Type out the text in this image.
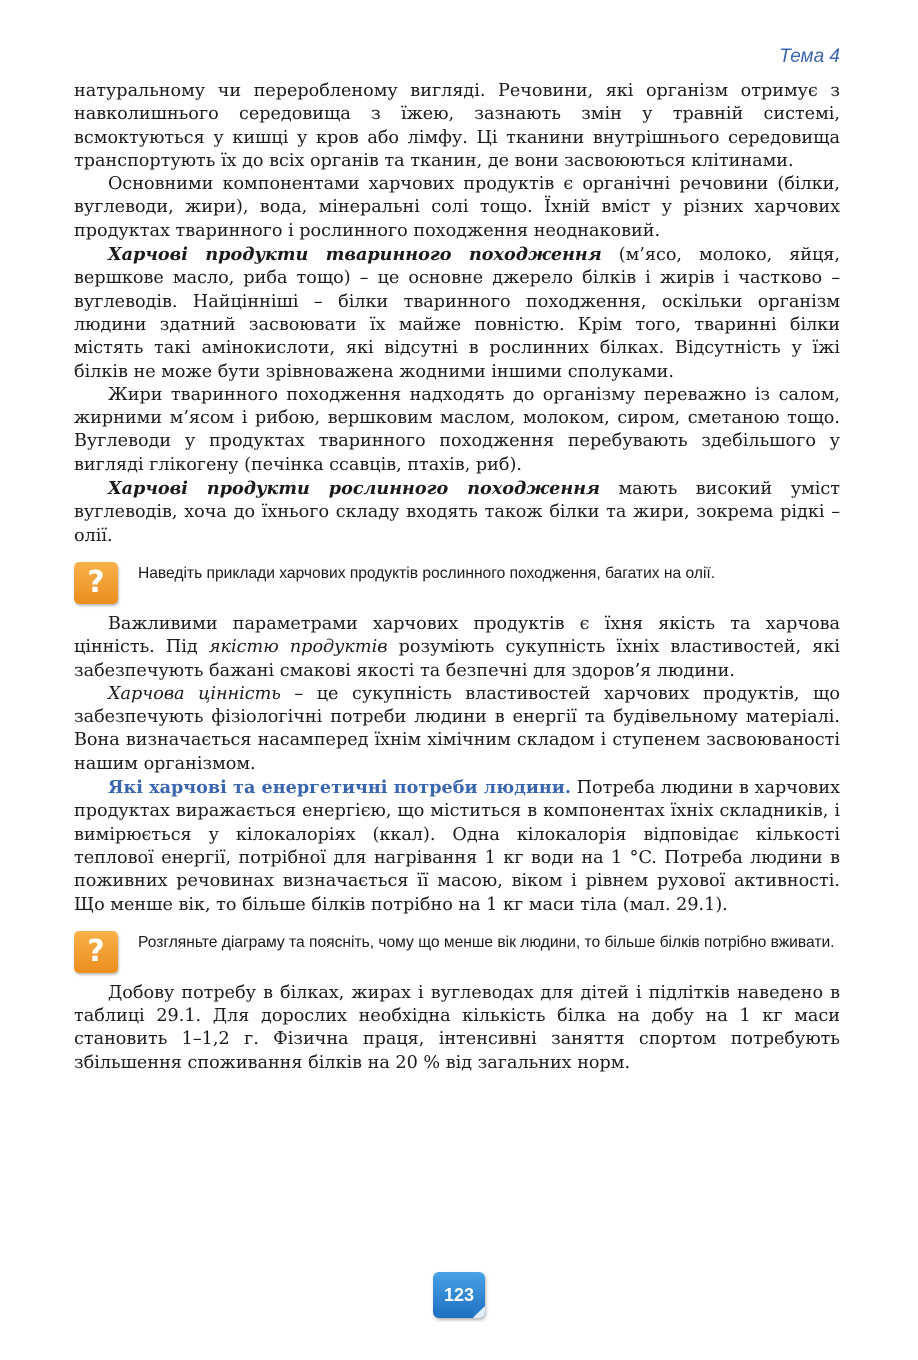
Тема 4

натуральному чи переробленому вигляді. Речовини, які організм отримує з навколишнього середовища з їжею, зазнають змін у травній системі, всмоктуються у кишці у кров або лімфу. Ці тканини внутрішнього середовища транспортують їх до всіх органів та тканин, де вони засвоюються клітинами.

Основними компонентами харчових продуктів є органічні речовини (білки, вуглеводи, жири), вода, мінеральні солі тощо. Їхній вміст у різних харчових продуктах тваринного і рослинного походження неоднаковий.

Харчові продукти тваринного походження (м’ясо, молоко, яйця, вершкове масло, риба тощо) – це основне джерело білків і жирів і частково – вуглеводів. Найцінніші – білки тваринного походження, оскільки організм людини здатний засвоювати їх майже повністю. Крім того, тваринні білки містять такі амінокислоти, які відсутні в рослинних білках. Відсутність у їжі білків не може бути зрівноважена жодними іншими сполуками.

Жири тваринного походження надходять до організму переважно із салом, жирними м’ясом і рибою, вершковим маслом, молоком, сиром, сметаною тощо. Вуглеводи у продуктах тваринного походження перебувають здебільшого у вигляді глікогену (печінка ссавців, птахів, риб).

Харчові продукти рослинного походження мають високий уміст вуглеводів, хоча до їхнього складу входять також білки та жири, зокрема рідкі – олії.

?	Наведіть приклади харчових продуктів рослинного походження, багатих на олії.

Важливими параметрами харчових продуктів є їхня якість та харчова цінність. Під якістю продуктів розуміють сукупність їхніх властивостей, які забезпечують бажані смакові якості та безпечні для здоров’я людини.

Харчова цінність – це сукупність властивостей харчових продуктів, що забезпечують фізіологічні потреби людини в енергії та будівельному матеріалі. Вона визначається насамперед їхнім хімічним складом і ступенем засвоюваності нашим організмом.

Які харчові та енергетичні потреби людини. Потреба людини в харчових продуктах виражається енергією, що міститься в компонентах їхніх складників, і вимірюється у кілокалоріях (ккал). Одна кілокалорія відповідає кількості теплової енергії, потрібної для нагрівання 1 кг води на 1 °C. Потреба людини в поживних речовинах визначається її масою, віком і рівнем рухової активності. Що менше вік, то більше білків потрібно на 1 кг маси тіла (мал. 29.1).

?	Розгляньте діаграму та поясніть, чому що менше вік людини, то більше білків потрібно вживати.

Добову потребу в білках, жирах і вуглеводах для дітей і підлітків наведено в таблиці 29.1. Для дорослих необхідна кількість білка на добу на 1 кг маси становить 1–1,2 г. Фізична праця, інтенсивні заняття спортом потребують збільшення споживання білків на 20 % від загальних норм.

123
